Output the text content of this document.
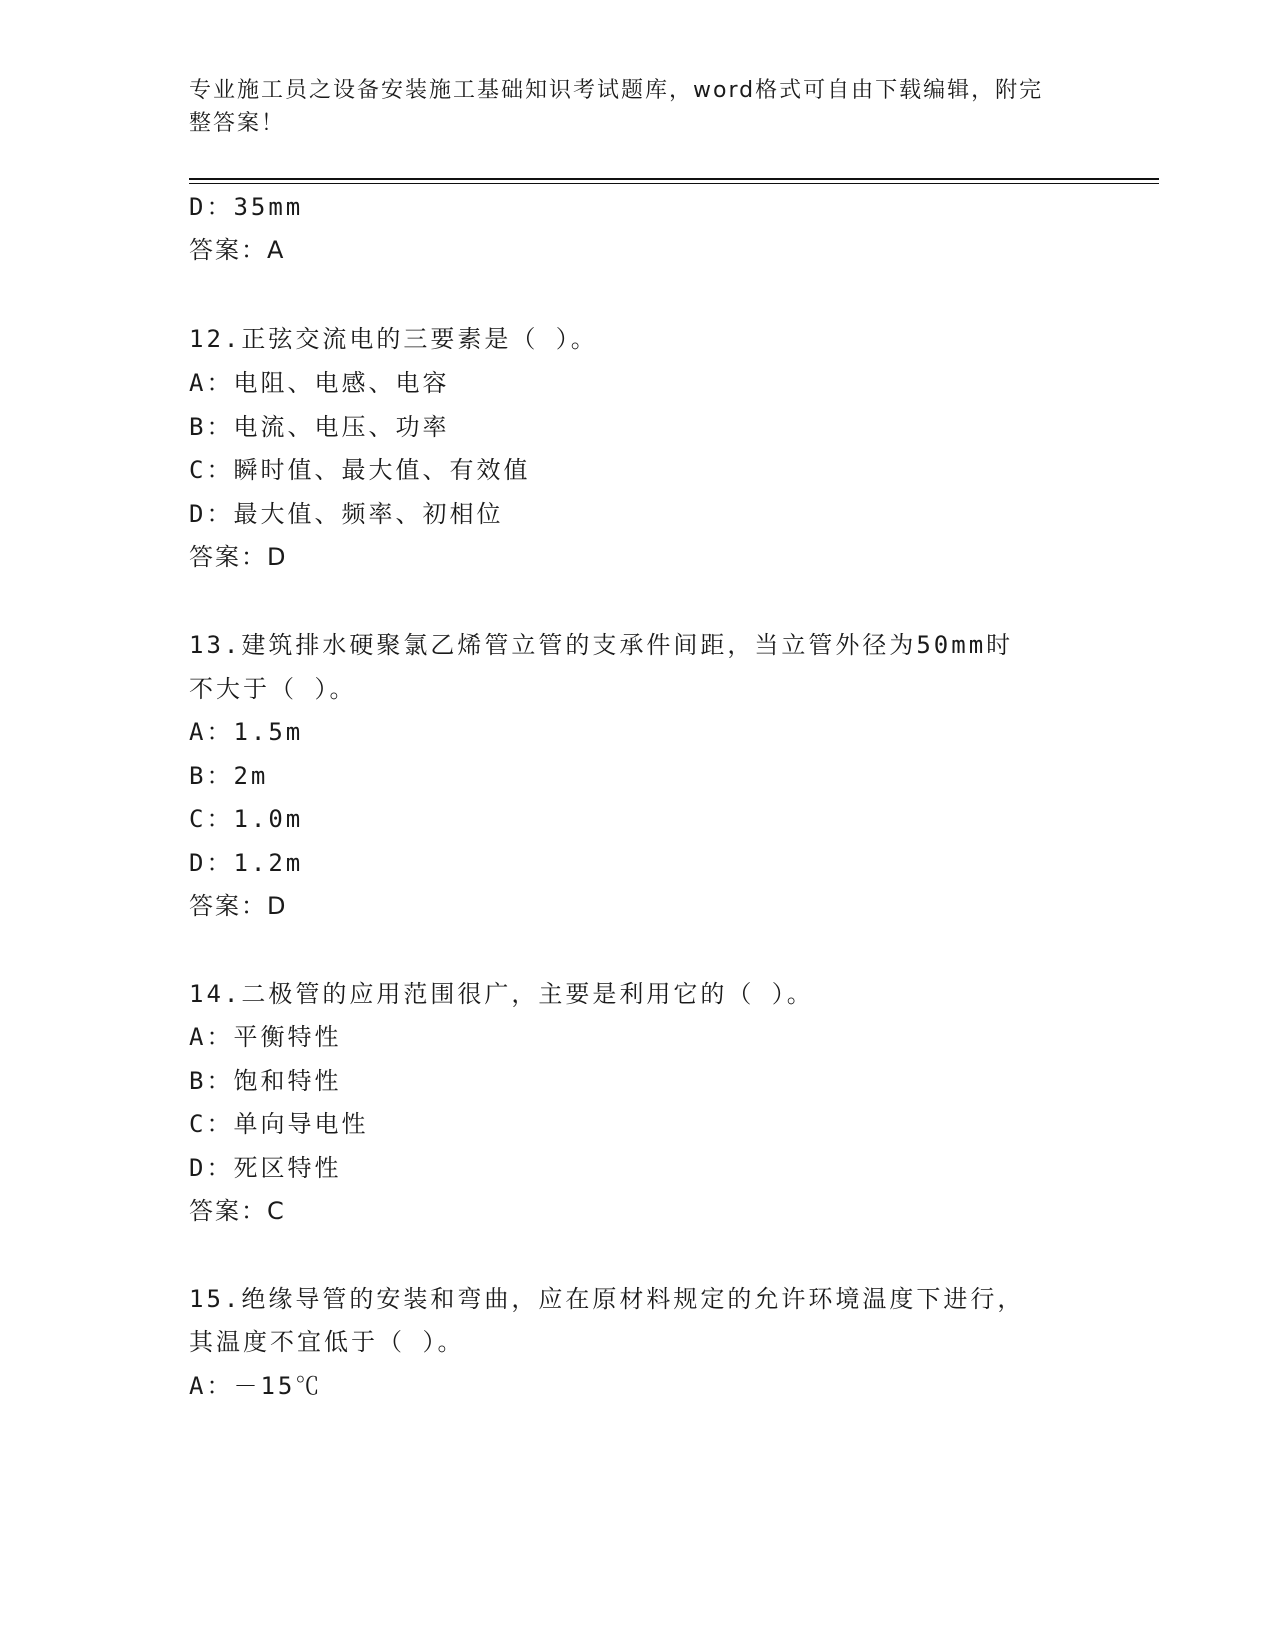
专业施工员之设备安装施工基础知识考试题库，word格式可自由下载编辑，附完
整答案！
D：35mm
答案：A
12.正弦交流电的三要素是（ ）。
A：电阻、电感、电容
B：电流、电压、功率
C：瞬时值、最大值、有效值
D：最大值、频率、初相位
答案：D
13.建筑排水硬聚氯乙烯管立管的支承件间距，当立管外径为50mm时
不大于（ ）。
A：1.5m
B：2m
C：1.0m
D：1.2m
答案：D
14.二极管的应用范围很广，主要是利用它的（ ）。
A：平衡特性
B：饱和特性
C：单向导电性
D：死区特性
答案：C
15.绝缘导管的安装和弯曲，应在原材料规定的允许环境温度下进行，
其温度不宜低于（ ）。
A：－15℃
